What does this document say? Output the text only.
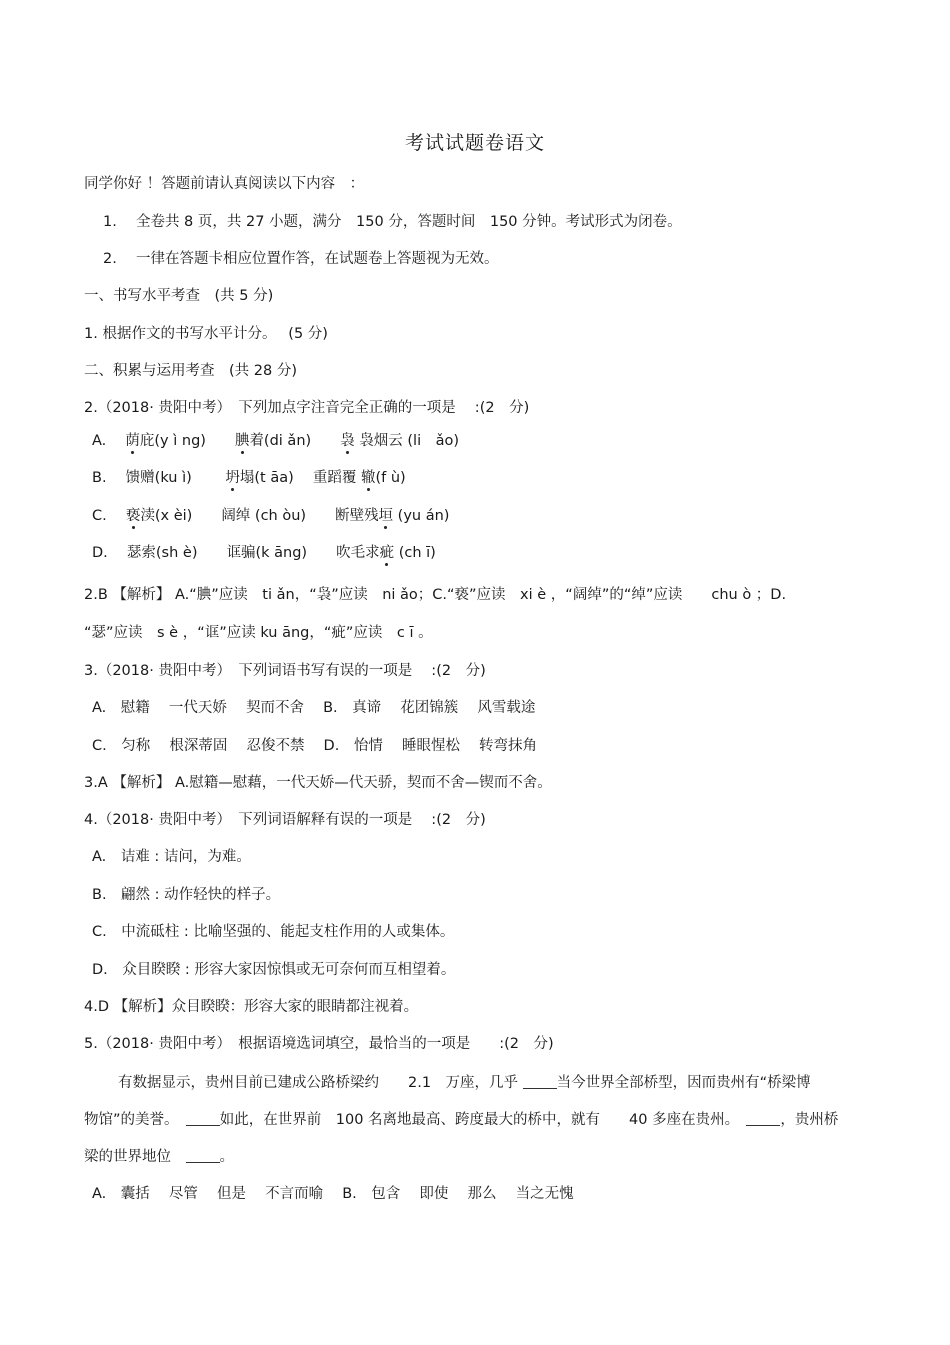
考试试题卷语文
同学你好 ！答题前请认真阅读以下内容　：
1.　 全卷共 8 页，共 27 小题，满分　150 分，答题时间　150 分钟。考试形式为闭卷。
2.　 一律在答题卡相应位置作答，在试题卷上答题视为无效。
一、书写水平考查　(共 5 分)
1. 根据作文的书写水平计分。　 (5 分)
二、积累与运用考查　(共 28 分)
2.（2018· 贵阳中考）　下列加点字注音完全正确的一项是　 :(2　分)
A.　 荫庇(y ì ng)　　腆着(di ǎn)　　袅 袅烟云 (li　ǎo)
B.　 馈赠(ku ì)　　 坍塌(t āa)　 重蹈覆 辙(f ù)
C.　 亵渎(x èi)　　阔绰 (ch òu)　　断壁残垣 (yu án)
D.　 瑟索(sh è)　　诓骗(k āng)　　吹毛求疵 (ch ī)
2.B 【解析】 A.“腆”应读　ti ǎn，“袅”应读　ni ǎo；C.“亵”应读　xi è ，“阔绰”的“绰”应读　　chu ò ；D.
“瑟”应读　s è ，“诓”应读 ku āng，“疵”应读　c ī 。
3.（2018· 贵阳中考）　下列词语书写有误的一项是　 :(2　分)
A.　慰籍　 一代天娇　 契而不舍　 B.　真谛　 花团锦簇　 风雪载途
C.　匀称　 根深蒂固　 忍俊不禁　 D.　怡情　 睡眼惺松　 转弯抹角
3.A 【解析】 A.慰籍—慰藉，一代天娇—代天骄，契而不舍—锲而不舍。
4.（2018· 贵阳中考）　下列词语解释有误的一项是　 :(2　分)
A.　诘难 : 诘问，为难。
B.　翩然 : 动作轻快的样子。
C.　中流砥柱 : 比喻坚强的、能起支柱作用的人或集体。
D.　众目睽睽 : 形容大家因惊惧或无可奈何而互相望着。
4.D 【解析】众目睽睽：形容大家的眼睛都注视着。
5.（2018· 贵阳中考）　根据语境选词填空，最恰当的一项是　　:(2　分)
有数据显示，贵州目前已建成公路桥梁约　　2.1　万座，几乎 当今世界全部桥型，因而贵州有“桥梁博
物馆”的美誉。　如此，在世界前　100 名离地最高、跨度最大的桥中，就有　　40 多座在贵州。　，贵州桥
梁的世界地位　。
A.　囊括　 尽管　 但是　 不言而喻　 B.　包含　 即使　 那么　 当之无愧
